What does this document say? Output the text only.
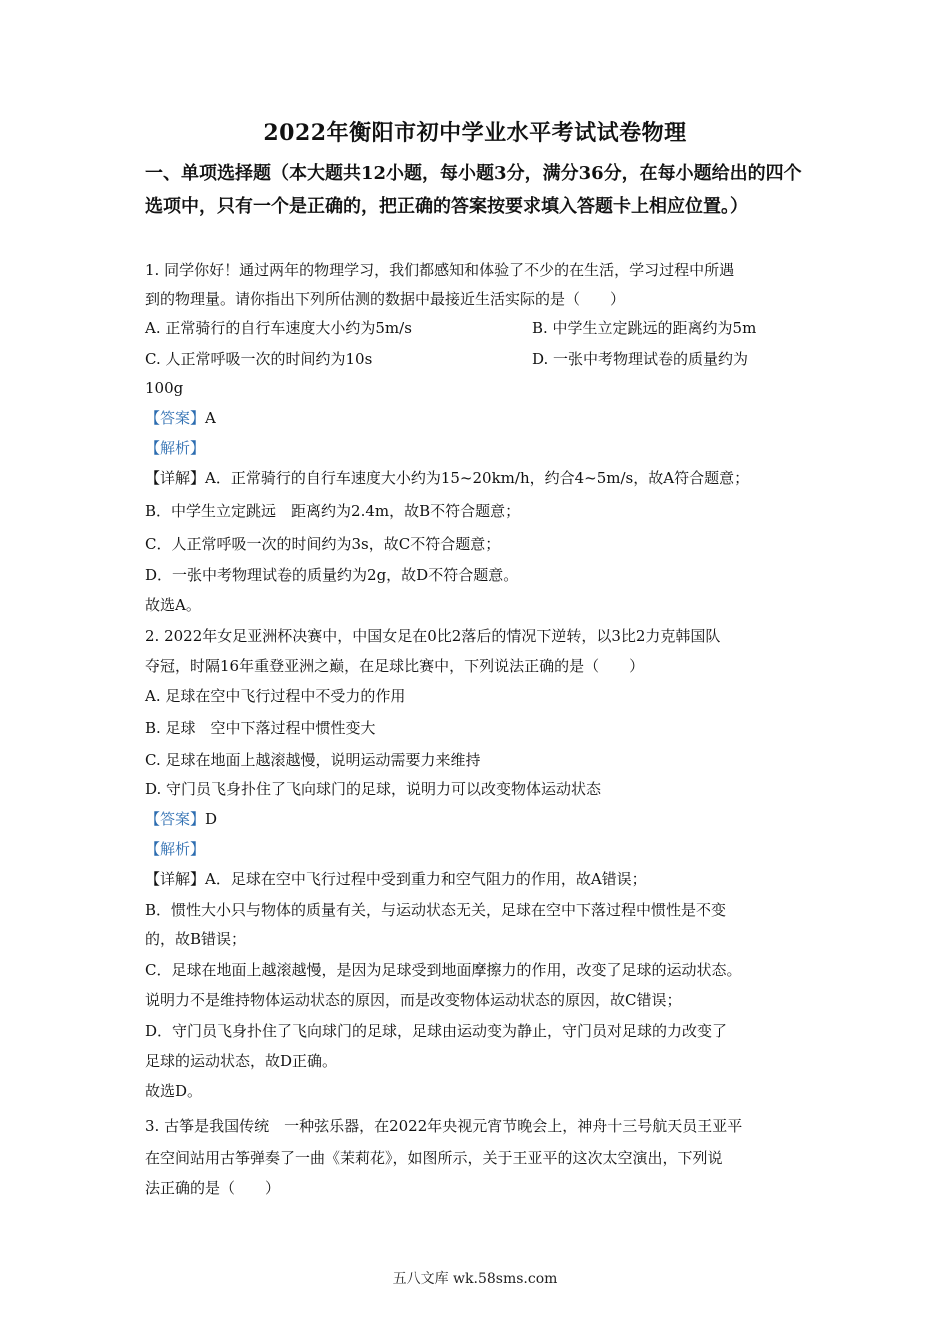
2022年衡阳市初中学业水平考试试卷物理
一、单项选择题（本大题共12小题，每小题3分，满分36分，在每小题给出的四个选项中，只有一个是正确的，把正确的答案按要求填入答题卡上相应位置。）
1. 同学你好！通过两年的物理学习，我们都感知和体验了不少的在生活，学习过程中所遇
到的物理量。请你指出下列所估测的数据中最接近生活实际的是（　　）
A. 正常骑行的自行车速度大小约为5m/s	B. 中学生立定跳远的距离约为5m
C. 人正常呼吸一次的时间约为10s	D. 一张中考物理试卷的质量约为
100g
【答案】A
【解析】
【详解】A．正常骑行的自行车速度大小约为15~20km/h，约合4~5m/s，故A符合题意；
B．中学生立定跳远　距离约为2.4m，故B不符合题意；
C．人正常呼吸一次的时间约为3s，故C不符合题意；
D．一张中考物理试卷的质量约为2g，故D不符合题意。
故选A。
2. 2022年女足亚洲杯决赛中，中国女足在0比2落后的情况下逆转，以3比2力克韩国队
夺冠，时隔16年重登亚洲之巅，在足球比赛中，下列说法正确的是（　　）
A. 足球在空中飞行过程中不受力的作用
B. 足球　空中下落过程中惯性变大
C. 足球在地面上越滚越慢，说明运动需要力来维持
D. 守门员飞身扑住了飞向球门的足球，说明力可以改变物体运动状态
【答案】D
【解析】
【详解】A．足球在空中飞行过程中受到重力和空气阻力的作用，故A错误；
B．惯性大小只与物体的质量有关，与运动状态无关，足球在空中下落过程中惯性是不变
的，故B错误；
C．足球在地面上越滚越慢，是因为足球受到地面摩擦力的作用，改变了足球的运动状态。
说明力不是维持物体运动状态的原因，而是改变物体运动状态的原因，故C错误；
D．守门员飞身扑住了飞向球门的足球，足球由运动变为静止，守门员对足球的力改变了
足球的运动状态，故D正确。
故选D。
3. 古筝是我国传统　一种弦乐器，在2022年央视元宵节晚会上，神舟十三号航天员王亚平
在空间站用古筝弹奏了一曲《茉莉花》，如图所示，关于王亚平的这次太空演出，下列说
法正确的是（　　）
五八文库 wk.58sms.com
